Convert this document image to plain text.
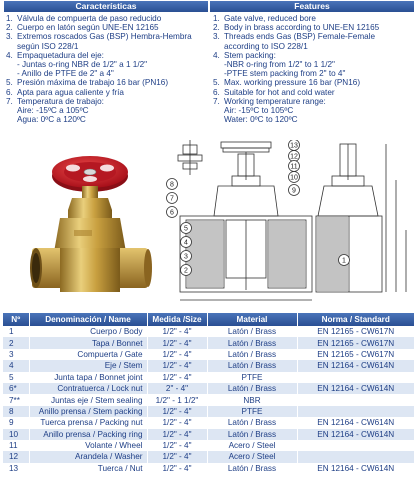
Características	Features
1. Válvula de compuerta de paso reducido
2. Cuerpo en latón según UNE-EN 12165
3. Extremos roscados Gas (BSP) Hembra-Hembra
según ISO 228/1
4. Empaquetadura del eje:
- Juntas o-ring NBR de 1/2" a 1 1/2"
- Anillo de PTFE de 2" a 4"
5. Presión máxima de trabajo 16 bar (PN16)
6. Apta para agua caliente y fría
7. Temperatura de trabajo:
Aire: -15ºC a 105ºC
Agua: 0ºC a 120ºC
1. Gate valve, reduced bore
2. Body in brass according to UNE-EN 12165
3. Threads ends Gas (BSP) Female-Female
according to ISO 228/1
4. Stem packing:
-NBR o-ring from 1/2" to 1 1/2"
-PTFE stem packing from 2" to 4"
5. Max. working pressure 16 bar (PN16)
6. Suitable for hot and cold water
7. Working temperature range:
Air: -15ºC to 105ºC
Water: 0ºC to 120ºC
13
12
11
10
9
8
7
6
5
4
3
2
1
Nº	Denominación / Name	Medida /Size	Material	Norma / Standard
1	Cuerpo / Body	1/2" - 4"	Latón / Brass	EN 12165 - CW617N
2	Tapa / Bonnet	1/2" - 4"	Latón / Brass	EN 12165 - CW617N
3	Compuerta / Gate	1/2" - 4"	Latón / Brass	EN 12165 - CW617N
4	Eje / Stem	1/2" - 4"	Latón / Brass	EN 12164 - CW614N
5	Junta tapa / Bonnet joint	1/2" - 4"	PTFE	
6*	Contratuerca / Lock nut	2" - 4"	Latón / Brass	EN 12164 - CW614N
7**	Juntas eje / Stem sealing	1/2" - 1 1/2"	NBR	
8	Anillo prensa / Stem packing	1/2" - 4"	PTFE	
9	Tuerca prensa / Packing nut	1/2" - 4"	Latón / Brass	EN 12164 - CW614N
10	Anillo prensa / Packing ring	1/2" - 4"	Latón / Brass	EN 12164 - CW614N
11	Volante / Wheel	1/2" - 4"	Acero / Steel	
12	Arandela / Washer	1/2" - 4"	Acero / Steel	
13	Tuerca / Nut	1/2" - 4"	Latón / Brass	EN 12164 - CW614N
